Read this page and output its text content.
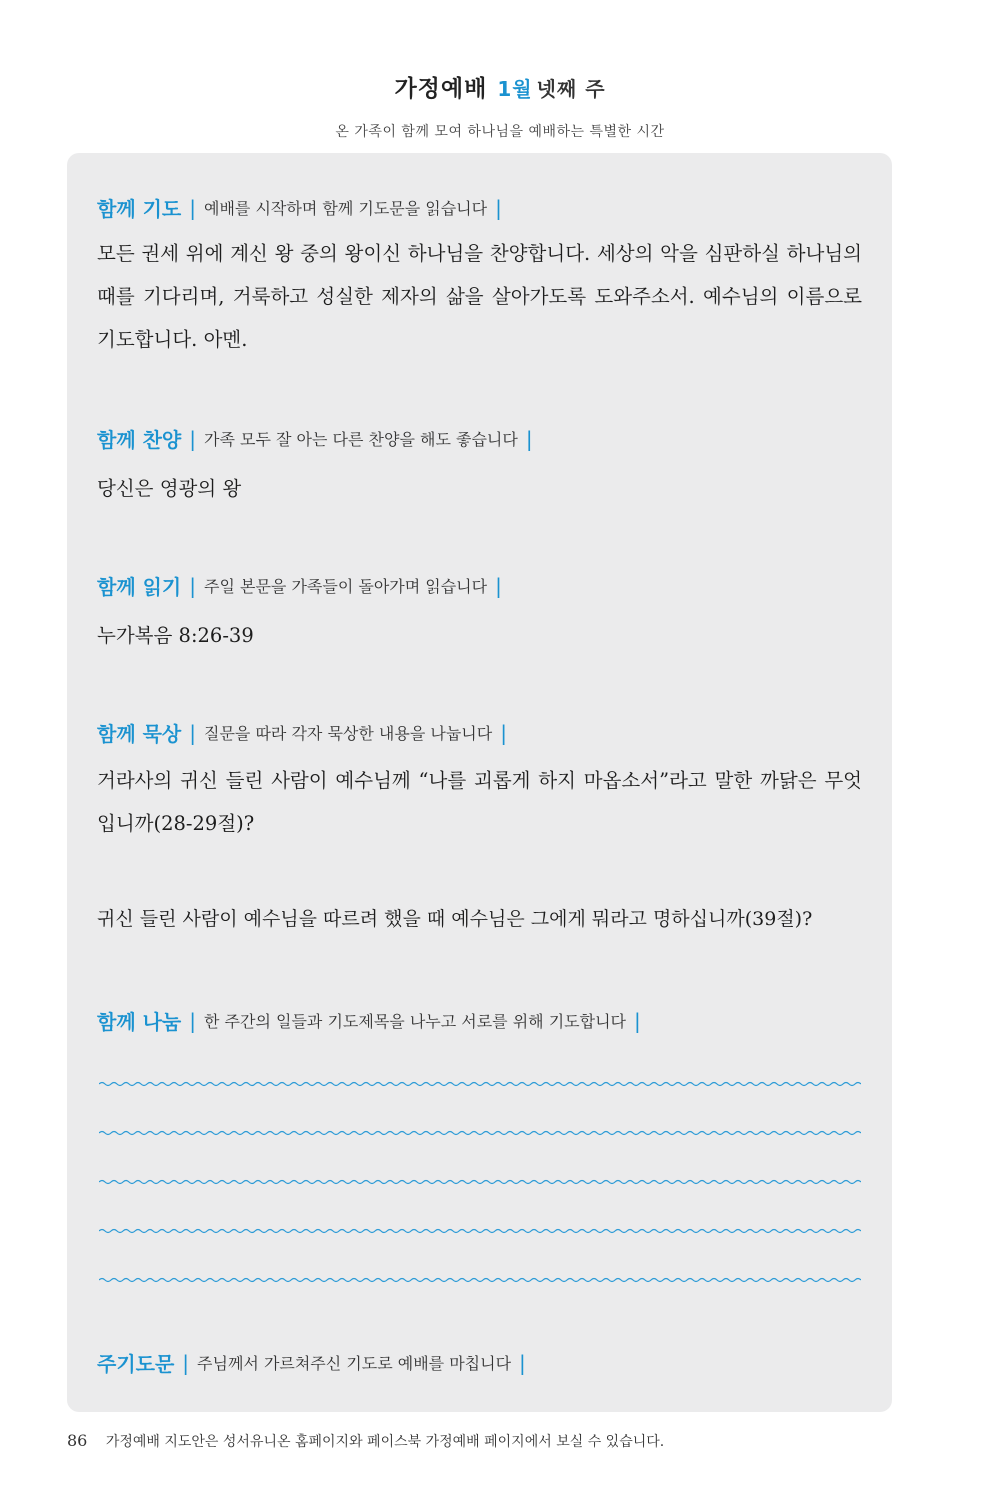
가정예배 1월 넷째 주
온 가족이 함께 모여 하나님을 예배하는 특별한 시간
함께 기도 | 예배를 시작하며 함께 기도문을 읽습니다 |

모든 권세 위에 계신 왕 중의 왕이신 하나님을 찬양합니다. 세상의 악을 심판하실 하나님의 때를 기다리며, 거룩하고 성실한 제자의 삶을 살아가도록 도와주소서. 예수님의 이름으로 기도합니다. 아멘.

함께 찬양 | 가족 모두 잘 아는 다른 찬양을 해도 좋습니다 |

당신은 영광의 왕

함께 읽기 | 주일 본문을 가족들이 돌아가며 읽습니다 |

누가복음 8:26-39

함께 묵상 | 질문을 따라 각자 묵상한 내용을 나눕니다 |

거라사의 귀신 들린 사람이 예수님께 “나를 괴롭게 하지 마옵소서”라고 말한 까닭은 무엇입니까(28-29절)?

귀신 들린 사람이 예수님을 따르려 했을 때 예수님은 그에게 뭐라고 명하십니까(39절)?

함께 나눔 | 한 주간의 일들과 기도제목을 나누고 서로를 위해 기도합니다 |
주기도문 | 주님께서 가르쳐주신 기도로 예배를 마칩니다 |
86 가정예배 지도안은 성서유니온 홈페이지와 페이스북 가정예배 페이지에서 보실 수 있습니다.
